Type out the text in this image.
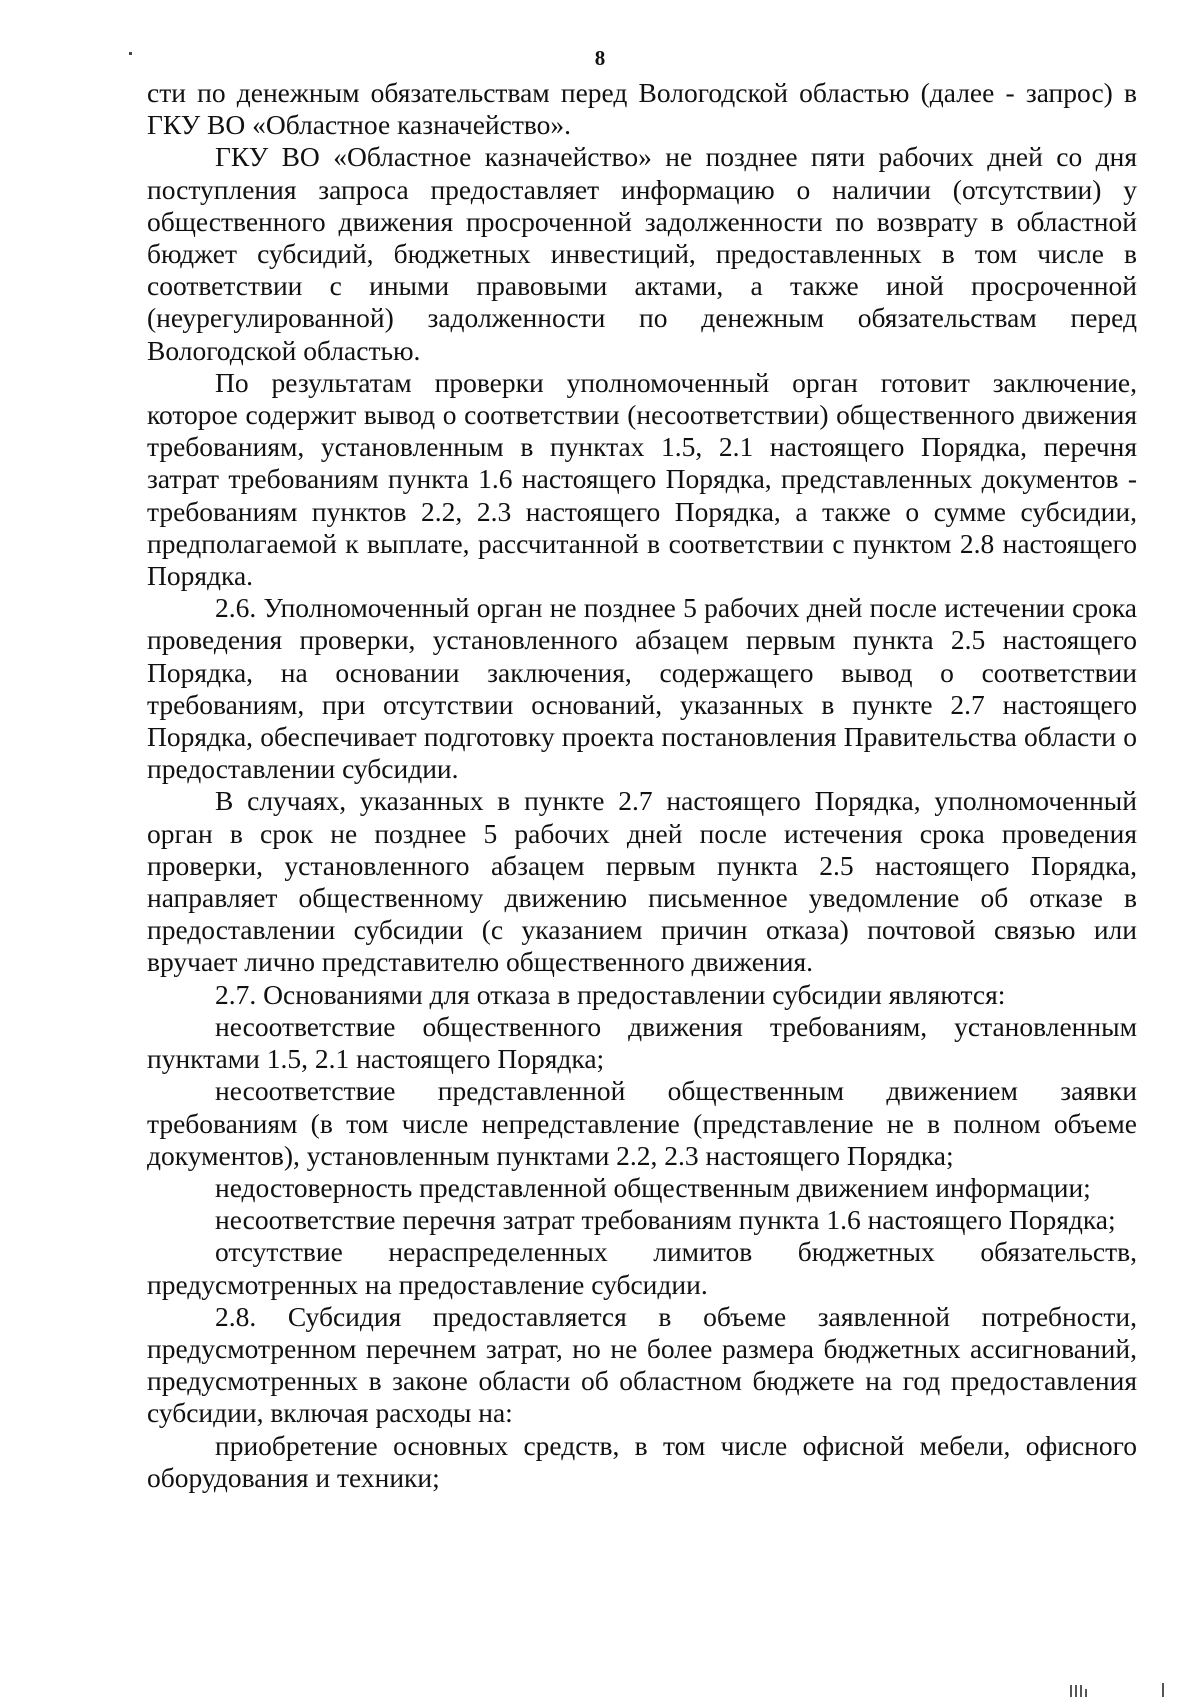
8

сти по денежным обязательствам перед Вологодской областью (далее - запрос) в ГКУ ВО «Областное казначейство».

ГКУ ВО «Областное казначейство» не позднее пяти рабочих дней со дня поступления запроса предоставляет информацию о наличии (отсутствии) у общественного движения просроченной задолженности по возврату в областной бюджет субсидий, бюджетных инвестиций, предоставленных в том числе в соответствии с иными правовыми актами, а также иной просроченной (неурегулированной) задолженности по денежным обязательствам перед Вологодской областью.

По результатам проверки уполномоченный орган готовит заключение, которое содержит вывод о соответствии (несоответствии) общественного движения требованиям, установленным в пунктах 1.5, 2.1 настоящего Порядка, перечня затрат требованиям пункта 1.6 настоящего Порядка, представленных документов - требованиям пунктов 2.2, 2.3 настоящего Порядка, а также о сумме субсидии, предполагаемой к выплате, рассчитанной в соответствии с пунктом 2.8 настоящего Порядка.

2.6. Уполномоченный орган не позднее 5 рабочих дней после истечении срока проведения проверки, установленного абзацем первым пункта 2.5 настоящего Порядка, на основании заключения, содержащего вывод о соответствии требованиям, при отсутствии оснований, указанных в пункте 2.7 настоящего Порядка, обеспечивает подготовку проекта постановления Правительства области о предоставлении субсидии.

В случаях, указанных в пункте 2.7 настоящего Порядка, уполномоченный орган в срок не позднее 5 рабочих дней после истечения срока проведения проверки, установленного абзацем первым пункта 2.5 настоящего Порядка, направляет общественному движению письменное уведомление об отказе в предоставлении субсидии (с указанием причин отказа) почтовой связью или вручает лично представителю общественного движения.

2.7. Основаниями для отказа в предоставлении субсидии являются:

несоответствие общественного движения требованиям, установленным пунктами 1.5, 2.1 настоящего Порядка;

несоответствие представленной общественным движением заявки требованиям (в том числе непредставление (представление не в полном объеме документов), установленным пунктами 2.2, 2.3 настоящего Порядка;

недостоверность представленной общественным движением информации;

несоответствие перечня затрат требованиям пункта 1.6 настоящего Порядка;

отсутствие нераспределенных лимитов бюджетных обязательств, предусмотренных на предоставление субсидии.

2.8. Субсидия предоставляется в объеме заявленной потребности, предусмотренном перечнем затрат, но не более размера бюджетных ассигнований, предусмотренных в законе области об областном бюджете на год предоставления субсидии, включая расходы на:

приобретение основных средств, в том числе офисной мебели, офисного оборудования и техники;
